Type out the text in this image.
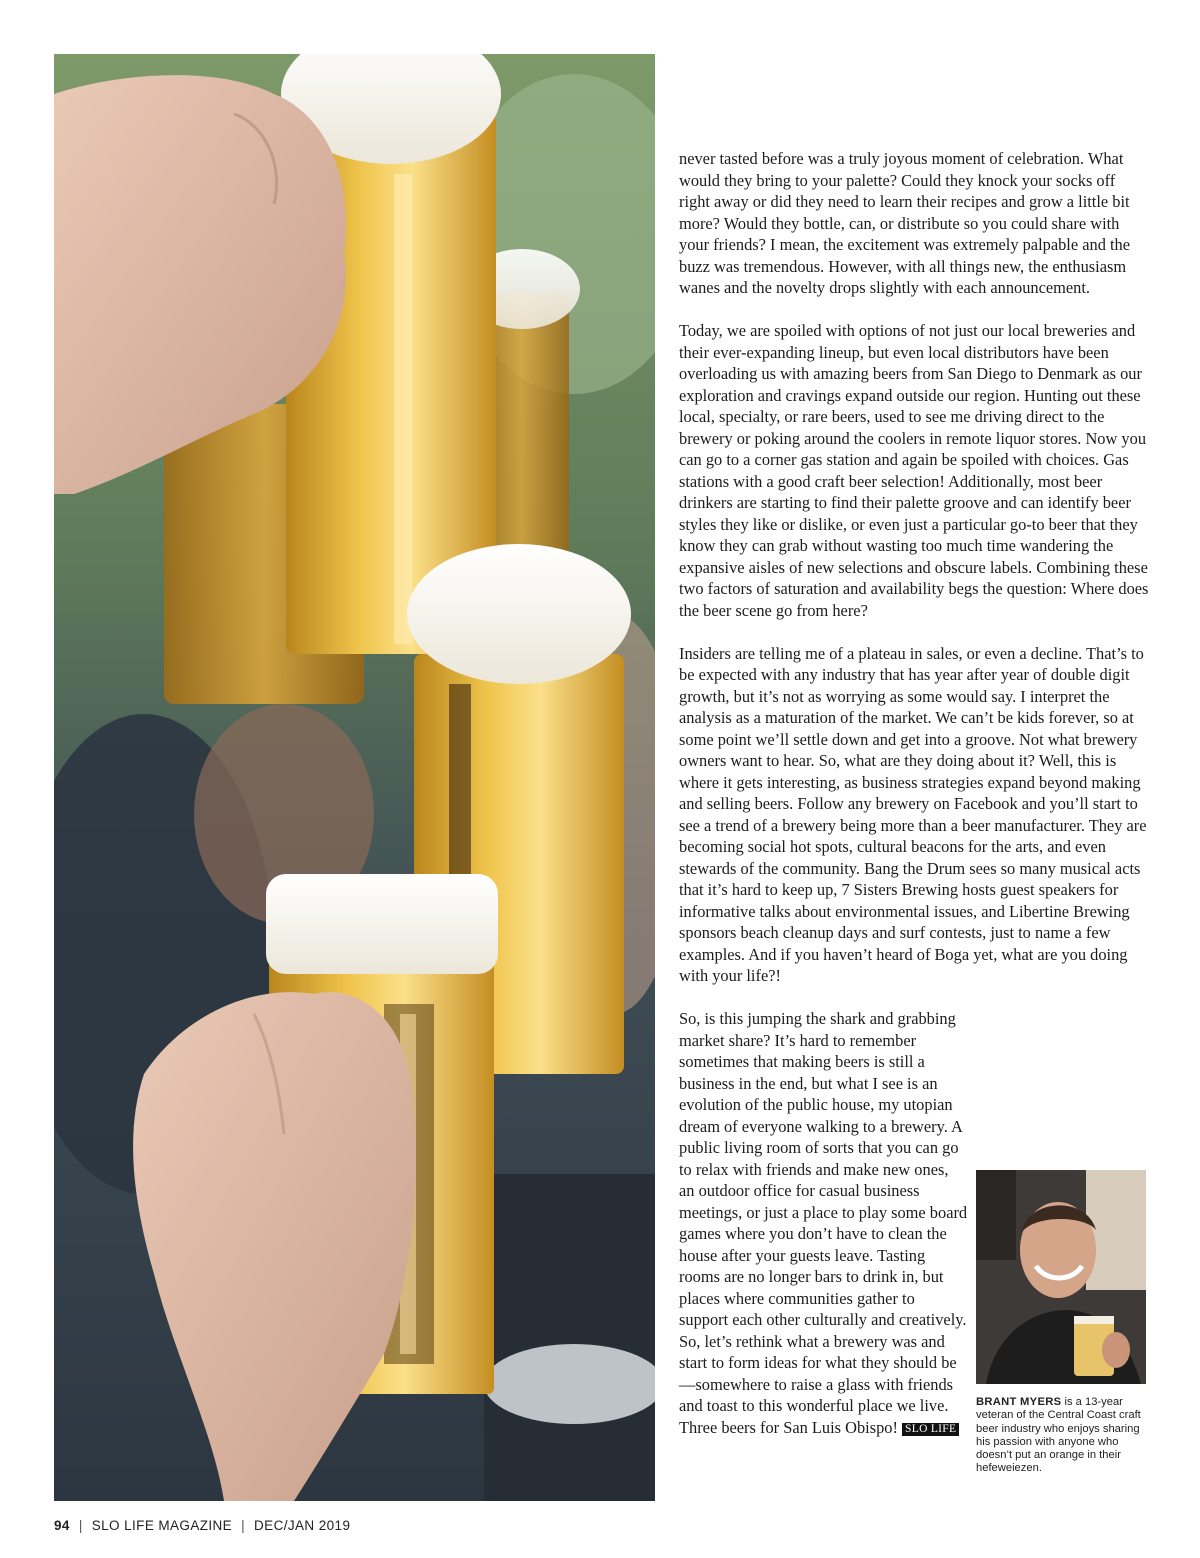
never tasted before was a truly joyous moment of celebration. What would they bring to your palette? Could they knock your socks off right away or did they need to learn their recipes and grow a little bit more? Would they bottle, can, or distribute so you could share with your friends? I mean, the excitement was extremely palpable and the buzz was tremendous. However, with all things new, the enthusiasm wanes and the novelty drops slightly with each announcement.

Today, we are spoiled with options of not just our local breweries and their ever-expanding lineup, but even local distributors have been overloading us with amazing beers from San Diego to Denmark as our exploration and cravings expand outside our region. Hunting out these local, specialty, or rare beers, used to see me driving direct to the brewery or poking around the coolers in remote liquor stores. Now you can go to a corner gas station and again be spoiled with choices. Gas stations with a good craft beer selection! Additionally, most beer drinkers are starting to find their palette groove and can identify beer styles they like or dislike, or even just a particular go-to beer that they know they can grab without wasting too much time wandering the expansive aisles of new selections and obscure labels. Combining these two factors of saturation and availability begs the question: Where does the beer scene go from here?

Insiders are telling me of a plateau in sales, or even a decline. That’s to be expected with any industry that has year after year of double digit growth, but it’s not as worrying as some would say. I interpret the analysis as a maturation of the market. We can’t be kids forever, so at some point we’ll settle down and get into a groove. Not what brewery owners want to hear. So, what are they doing about it? Well, this is where it gets interesting, as business strategies expand beyond making and selling beers. Follow any brewery on Facebook and you’ll start to see a trend of a brewery being more than a beer manufacturer. They are becoming social hot spots, cultural beacons for the arts, and even stewards of the community. Bang the Drum sees so many musical acts that it’s hard to keep up, 7 Sisters Brewing hosts guest speakers for informative talks about environmental issues, and Libertine Brewing sponsors beach cleanup days and surf contests, just to name a few examples. And if you haven’t heard of Boga yet, what are you doing with your life?!

So, is this jumping the shark and grabbing market share? It’s hard to remember sometimes that making beers is still a business in the end, but what I see is an evolution of the public house, my utopian dream of everyone walking to a brewery. A public living room of sorts that you can go to relax with friends and make new ones, an outdoor office for casual business meetings, or just a place to play some board games where you don’t have to clean the house after your guests leave. Tasting rooms are no longer bars to drink in, but places where communities gather to support each other culturally and creatively. So, let’s rethink what a brewery was and start to form ideas for what they should be—somewhere to raise a glass with friends and toast to this wonderful place we live. Three beers for San Luis Obispo! SLO LIFE

BRANT MYERS is a 13-year veteran of the Central Coast craft beer industry who enjoys sharing his passion with anyone who doesn’t put an orange in their hefeweiezen.
94 | SLO LIFE MAGAZINE | DEC/JAN 2019
